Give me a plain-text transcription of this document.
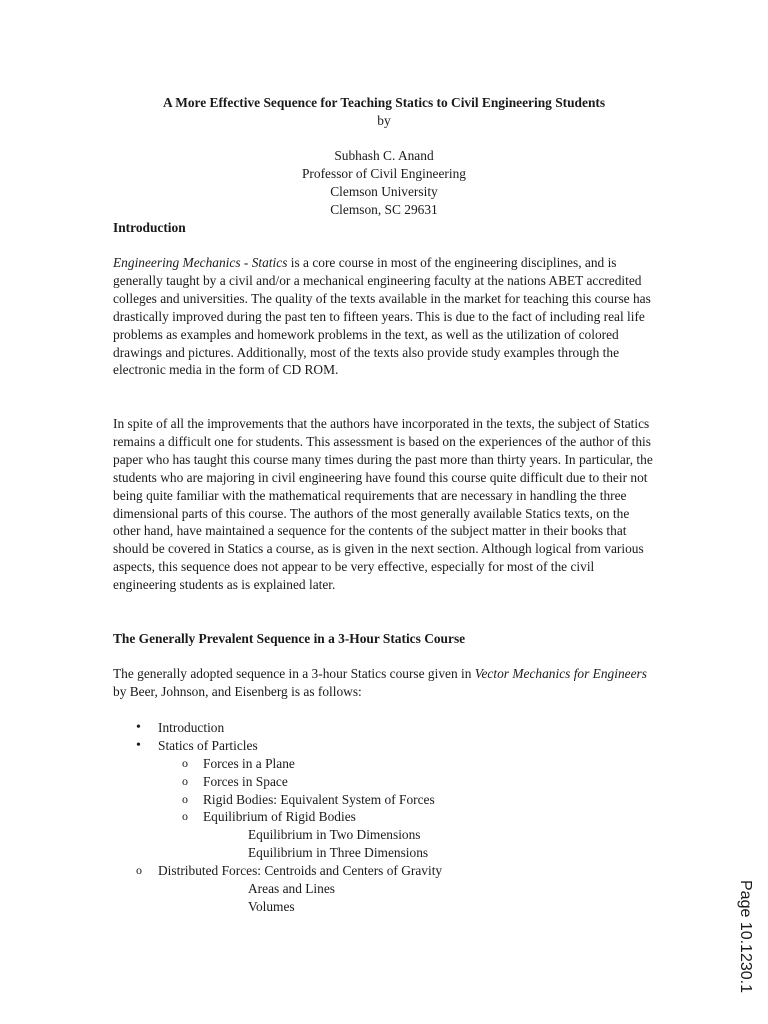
A More Effective Sequence for Teaching Statics to Civil Engineering Students
by
Subhash C. Anand
Professor of Civil Engineering
Clemson University
Clemson, SC 29631
Introduction

Engineering Mechanics - Statics is a core course in most of the engineering disciplines, and is generally taught by a civil and/or a mechanical engineering faculty at the nations ABET accredited colleges and universities. The quality of the texts available in the market for teaching this course has drastically improved during the past ten to fifteen years. This is due to the fact of including real life problems as examples and homework problems in the text, as well as the utilization of colored drawings and pictures. Additionally, most of the texts also provide study examples through the electronic media in the form of CD ROM.

In spite of all the improvements that the authors have incorporated in the texts, the subject of Statics remains a difficult one for students. This assessment is based on the experiences of the author of this paper who has taught this course many times during the past more than thirty years. In particular, the students who are majoring in civil engineering have found this course quite difficult due to their not being quite familiar with the mathematical requirements that are necessary in handling the three dimensional parts of this course. The authors of the most generally available Statics texts, on the other hand, have maintained a sequence for the contents of the subject matter in their books that should be covered in Statics a course, as is given in the next section. Although logical from various aspects, this sequence does not appear to be very effective, especially for most of the civil engineering students as is explained later.

The Generally Prevalent Sequence in a 3-Hour Statics Course

The generally adopted sequence in a 3-hour Statics course given in Vector Mechanics for Engineers by Beer, Johnson, and Eisenberg is as follows:

• Introduction
• Statics of Particles
o Forces in a Plane
o Forces in Space
o Rigid Bodies: Equivalent System of Forces
o Equilibrium of Rigid Bodies
Equilibrium in Two Dimensions
Equilibrium in Three Dimensions
o Distributed Forces: Centroids and Centers of Gravity
Areas and Lines
Volumes	Page 10.1230.1
